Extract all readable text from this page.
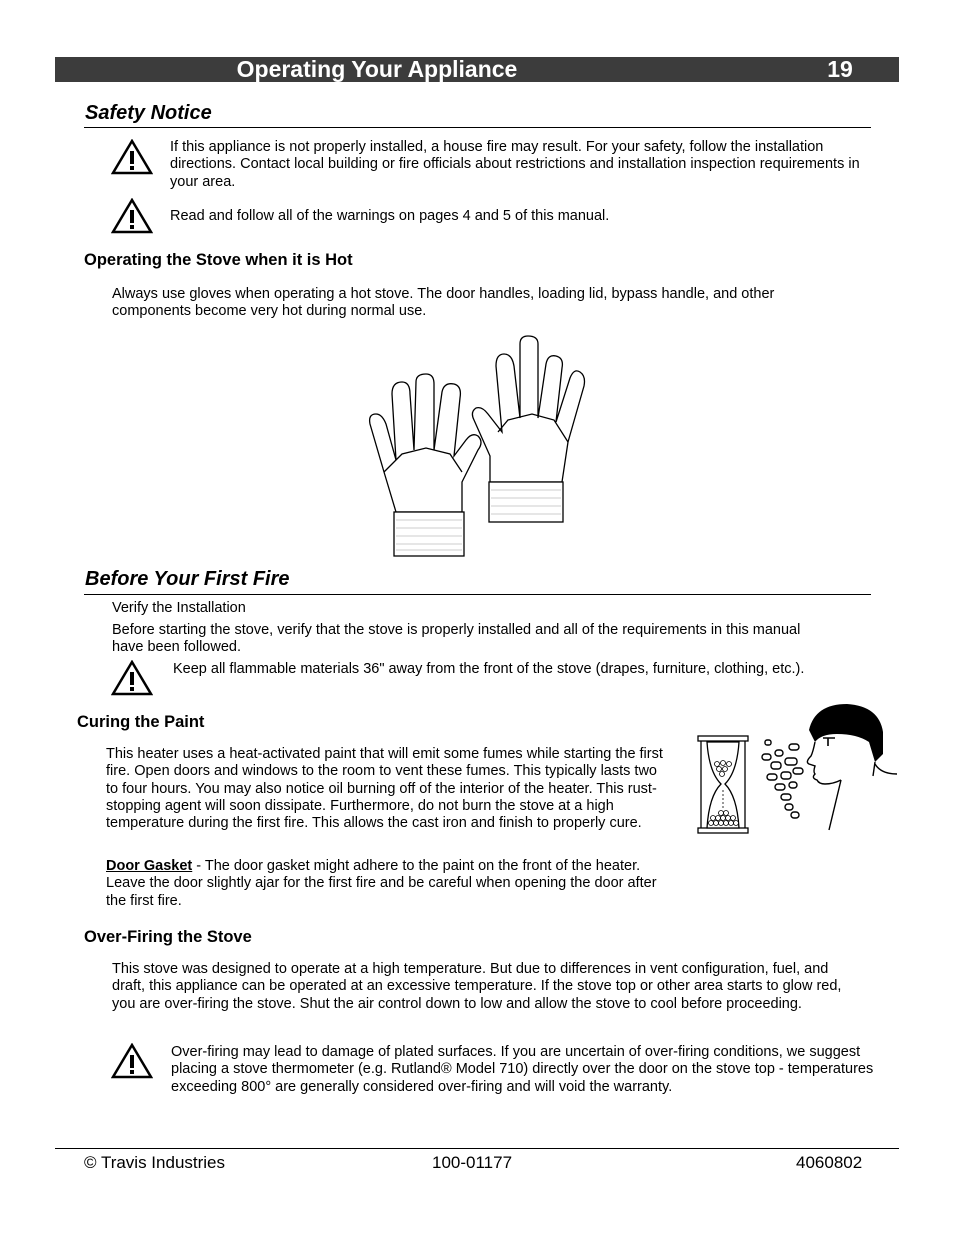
Operating Your Appliance	19
Safety Notice
If this appliance is not properly installed, a house fire may result. For your safety, follow the installation directions. Contact local building or fire officials about restrictions and installation inspection requirements in your area.
Read and follow all of the warnings on pages 4 and 5 of this manual.
Operating the Stove when it is Hot
Always use gloves when operating a hot stove. The door handles, loading lid, bypass handle, and other components become very hot during normal use.
Before Your First Fire
Verify the Installation
Before starting the stove, verify that the stove is properly installed and all of the requirements in this manual have been followed.
Keep all flammable materials 36" away from the front of the stove (drapes, furniture, clothing, etc.).
Curing the Paint
This heater uses a heat-activated paint that will emit some fumes while starting the first fire. Open doors and windows to the room to vent these fumes. This typically lasts two to four hours. You may also notice oil burning off of the interior of the heater. This rust-stopping agent will soon dissipate. Furthermore, do not burn the stove at a high temperature during the first fire. This allows the cast iron and finish to properly cure.
Door Gasket - The door gasket might adhere to the paint on the front of the heater. Leave the door slightly ajar for the first fire and be careful when opening the door after the first fire.
Over-Firing the Stove
This stove was designed to operate at a high temperature. But due to differences in vent configuration, fuel, and draft, this appliance can be operated at an excessive temperature. If the stove top or other area starts to glow red, you are over-firing the stove. Shut the air control down to low and allow the stove to cool before proceeding.
Over-firing may lead to damage of plated surfaces. If you are uncertain of over-firing conditions, we suggest placing a stove thermometer (e.g. Rutland® Model 710) directly over the door on the stove top - temperatures exceeding 800° are generally considered over-firing and will void the warranty.
© Travis Industries	100-01177	4060802
